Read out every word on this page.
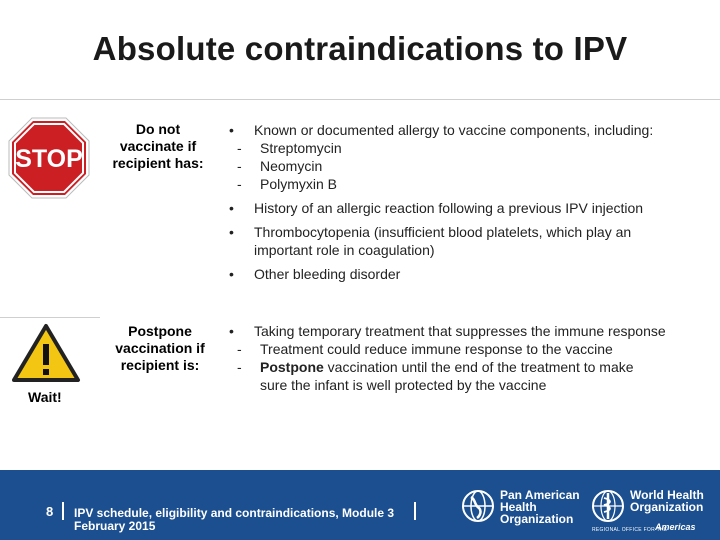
Absolute contraindications to IPV
STOP
Wait!
Do not
vaccinate if
recipient has:
• Known or documented allergy to vaccine components, including:
- Streptomycin
- Neomycin
- Polymyxin B
• History of an allergic reaction following a previous IPV injection
• Thrombocytopenia (insufficient blood platelets, which play an
important role in coagulation)
• Other bleeding disorder
Postpone
vaccination if
recipient is:
• Taking temporary treatment that suppresses the immune response
- Treatment could reduce immune response to the vaccine
- Postpone vaccination until the end of the treatment to make
sure the infant is well protected by the vaccine
8 IPV schedule, eligibility and contraindications, Module 3
February 2015
Pan American
Health
Organization
World Health
Organization
REGIONAL OFFICE FOR THE
Americas
